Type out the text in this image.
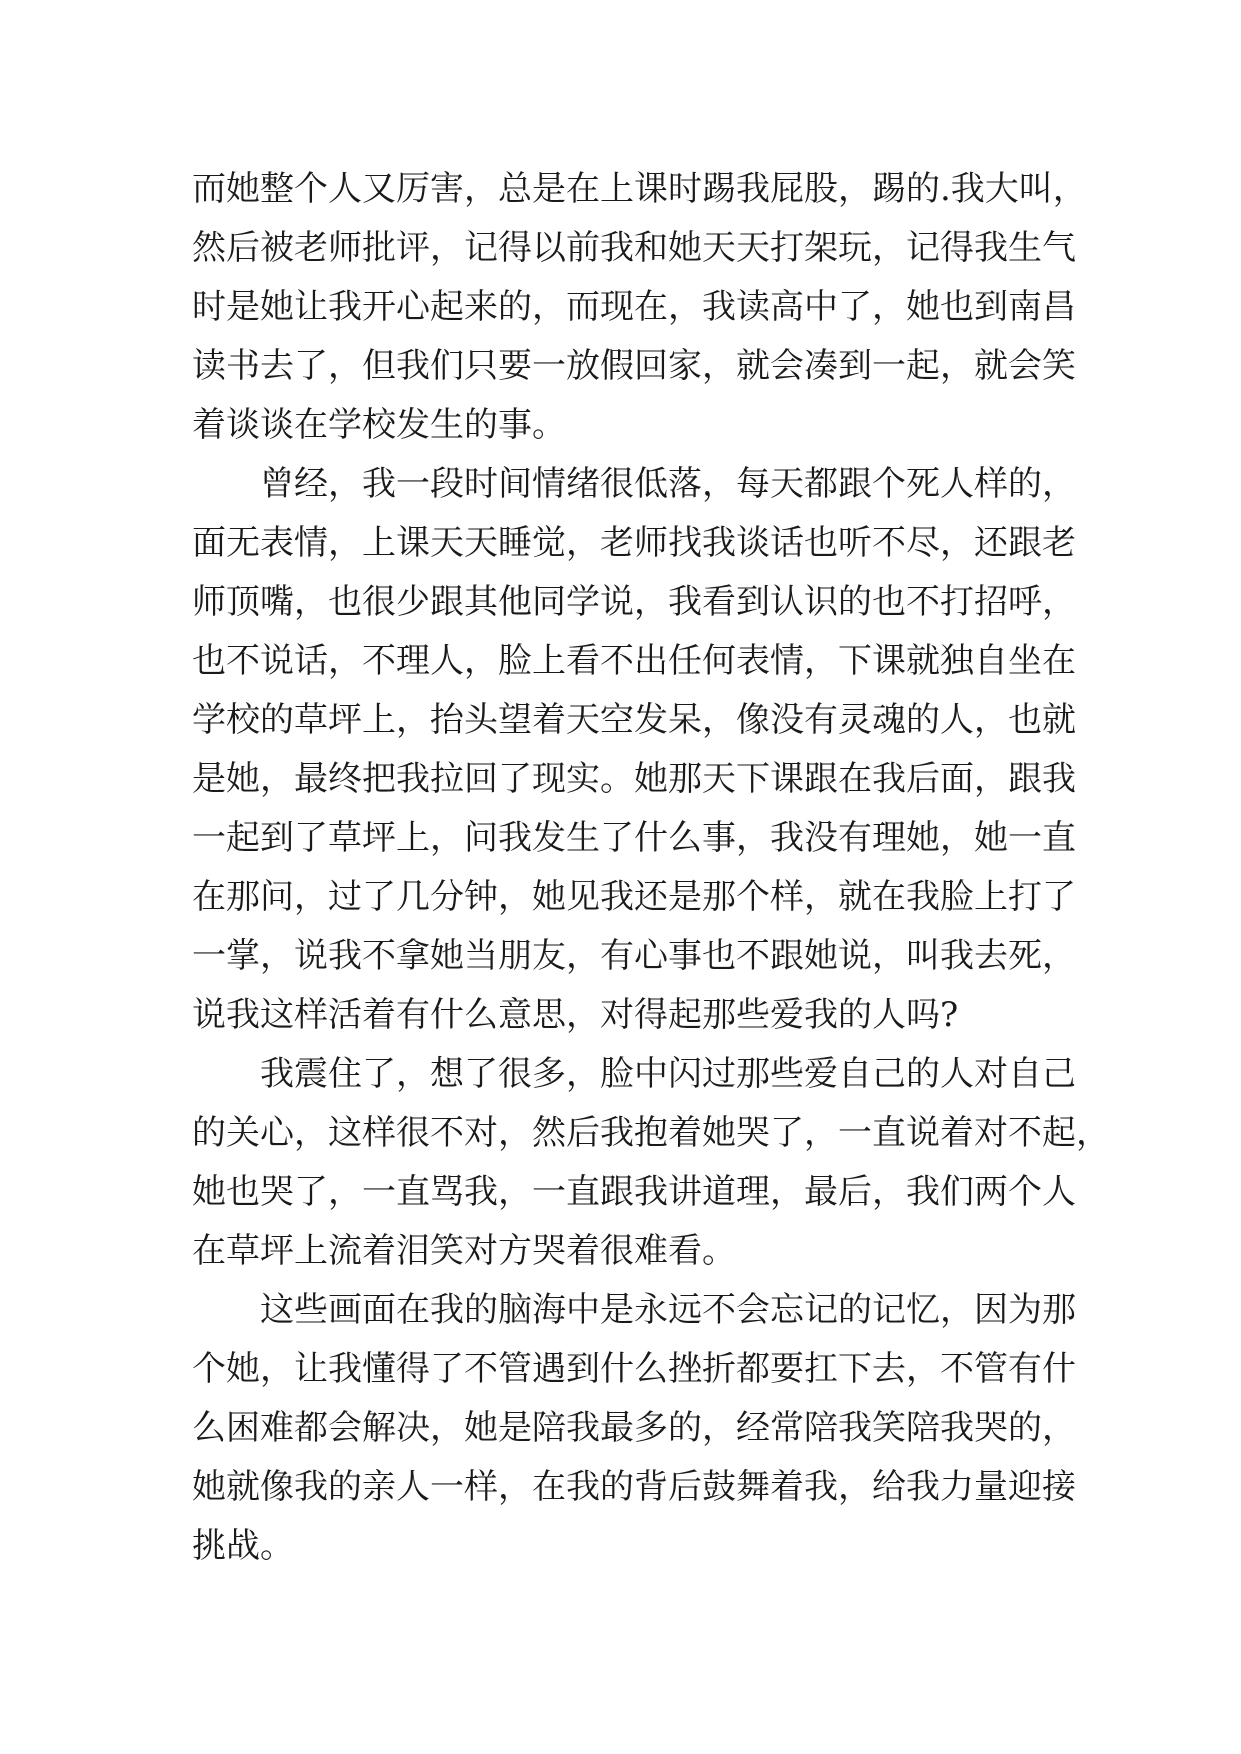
而她整个人又厉害，总是在上课时踢我屁股，踢的.我大叫，
然后被老师批评，记得以前我和她天天打架玩，记得我生气
时是她让我开心起来的，而现在，我读高中了，她也到南昌
读书去了，但我们只要一放假回家，就会凑到一起，就会笑
着谈谈在学校发生的事。
　　曾经，我一段时间情绪很低落，每天都跟个死人样的，
面无表情，上课天天睡觉，老师找我谈话也听不尽，还跟老
师顶嘴，也很少跟其他同学说，我看到认识的也不打招呼，
也不说话，不理人，脸上看不出任何表情，下课就独自坐在
学校的草坪上，抬头望着天空发呆，像没有灵魂的人，也就
是她，最终把我拉回了现实。她那天下课跟在我后面，跟我
一起到了草坪上，问我发生了什么事，我没有理她，她一直
在那问，过了几分钟，她见我还是那个样，就在我脸上打了
一掌，说我不拿她当朋友，有心事也不跟她说，叫我去死，
说我这样活着有什么意思，对得起那些爱我的人吗?
　　我震住了，想了很多，脸中闪过那些爱自己的人对自己
的关心，这样很不对，然后我抱着她哭了，一直说着对不起，
她也哭了，一直骂我，一直跟我讲道理，最后，我们两个人
在草坪上流着泪笑对方哭着很难看。
　　这些画面在我的脑海中是永远不会忘记的记忆，因为那
个她，让我懂得了不管遇到什么挫折都要扛下去，不管有什
么困难都会解决，她是陪我最多的，经常陪我笑陪我哭的，
她就像我的亲人一样，在我的背后鼓舞着我，给我力量迎接
挑战。
